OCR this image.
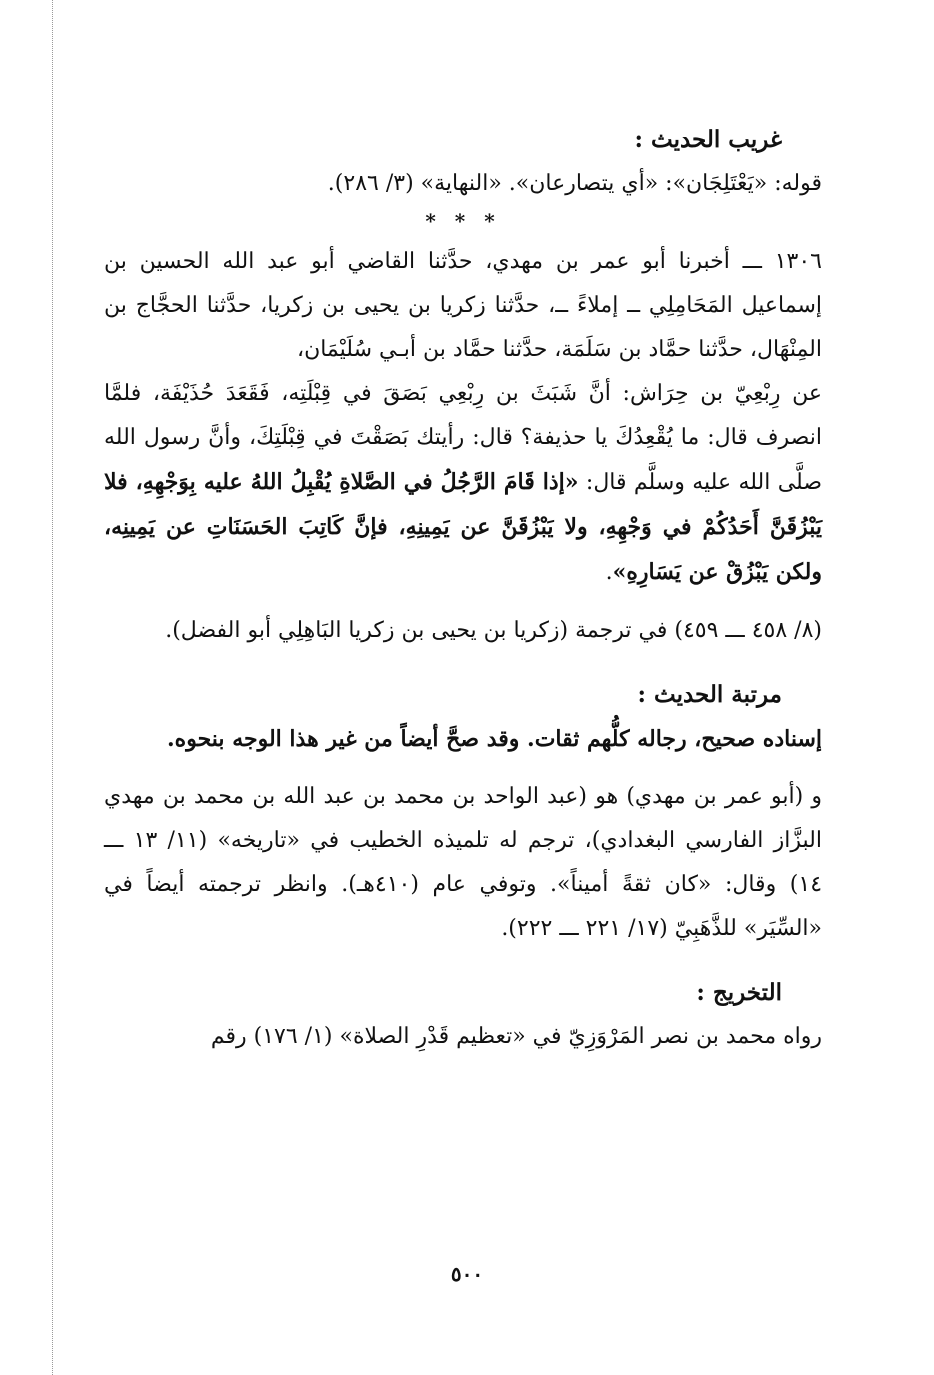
غريب الحديث :

قوله: «يَعْتَلِجَان»: «أي يتصارعان». «النهاية» (٣/ ٢٨٦).

* * *

١٣٠٦ ـــ أخبرنا أبو عمر بن مهدي، حدَّثنا القاضي أبو عبد الله الحسين بن إسماعيل المَحَامِلِي ــ إملاءً ــ، حدَّثنا زكريا بن يحيى بن زكريا، حدَّثنا الحجَّاج بن المِنْهَال، حدَّثنا حمَّاد بن سَلَمَة، حدَّثنا حمَّاد بن أبـي سُلَيْمَان،

عن رِبْعِيّ بن حِرَاش: أنَّ شَبَثَ بن رِبْعِي بَصَقَ في قِبْلَتِه، فَقَعَدَ حُذَيْفَة، فلمَّا انصرف قال: ما يُقْعِدُكَ يا حذيفة؟ قال: رأيتك بَصَقْتَ في قِبْلَتِكَ، وأنَّ رسول الله صلَّى الله عليه وسلَّم قال: «إذا قَامَ الرَّجُلُ في الصَّلاةِ يُقْبِلُ اللهُ عليه بِوَجْهِهِ، فلا يَبْزُقَنَّ أَحَدُكُمْ في وَجْهِهِ، ولا يَبْزُقَنَّ عن يَمِينِهِ، فإنَّ كَاتِبَ الحَسَنَاتِ عن يَمِينِه، ولكن يَبْزُقْ عن يَسَارِهِ».

(٨/ ٤٥٨ ـــ ٤٥٩) في ترجمة (زكريا بن يحيى بن زكريا البَاهِلِي أبو الفضل).

مرتبة الحديث :

إسناده صحيح، رجاله كلُّهم ثقات. وقد صحَّ أيضاً من غير هذا الوجه بنحوه.

و (أبو عمر بن مهدي) هو (عبد الواحد بن محمد بن عبد الله بن محمد بن مهدي البزَّاز الفارسي البغدادي)، ترجم له تلميذه الخطيب في «تاريخه» (١١/ ١٣ ـــ ١٤) وقال: «كان ثقةً أميناً». وتوفي عام (٤١٠هـ). وانظر ترجمته أيضاً في «السِّيَر» للذَّهَبِيّ (١٧/ ٢٢١ ـــ ٢٢٢).

التخريج :

رواه محمد بن نصر المَرْوَزِيّ في «تعظيم قَدْرِ الصلاة» (١/ ١٧٦) رقم

٥٠٠
